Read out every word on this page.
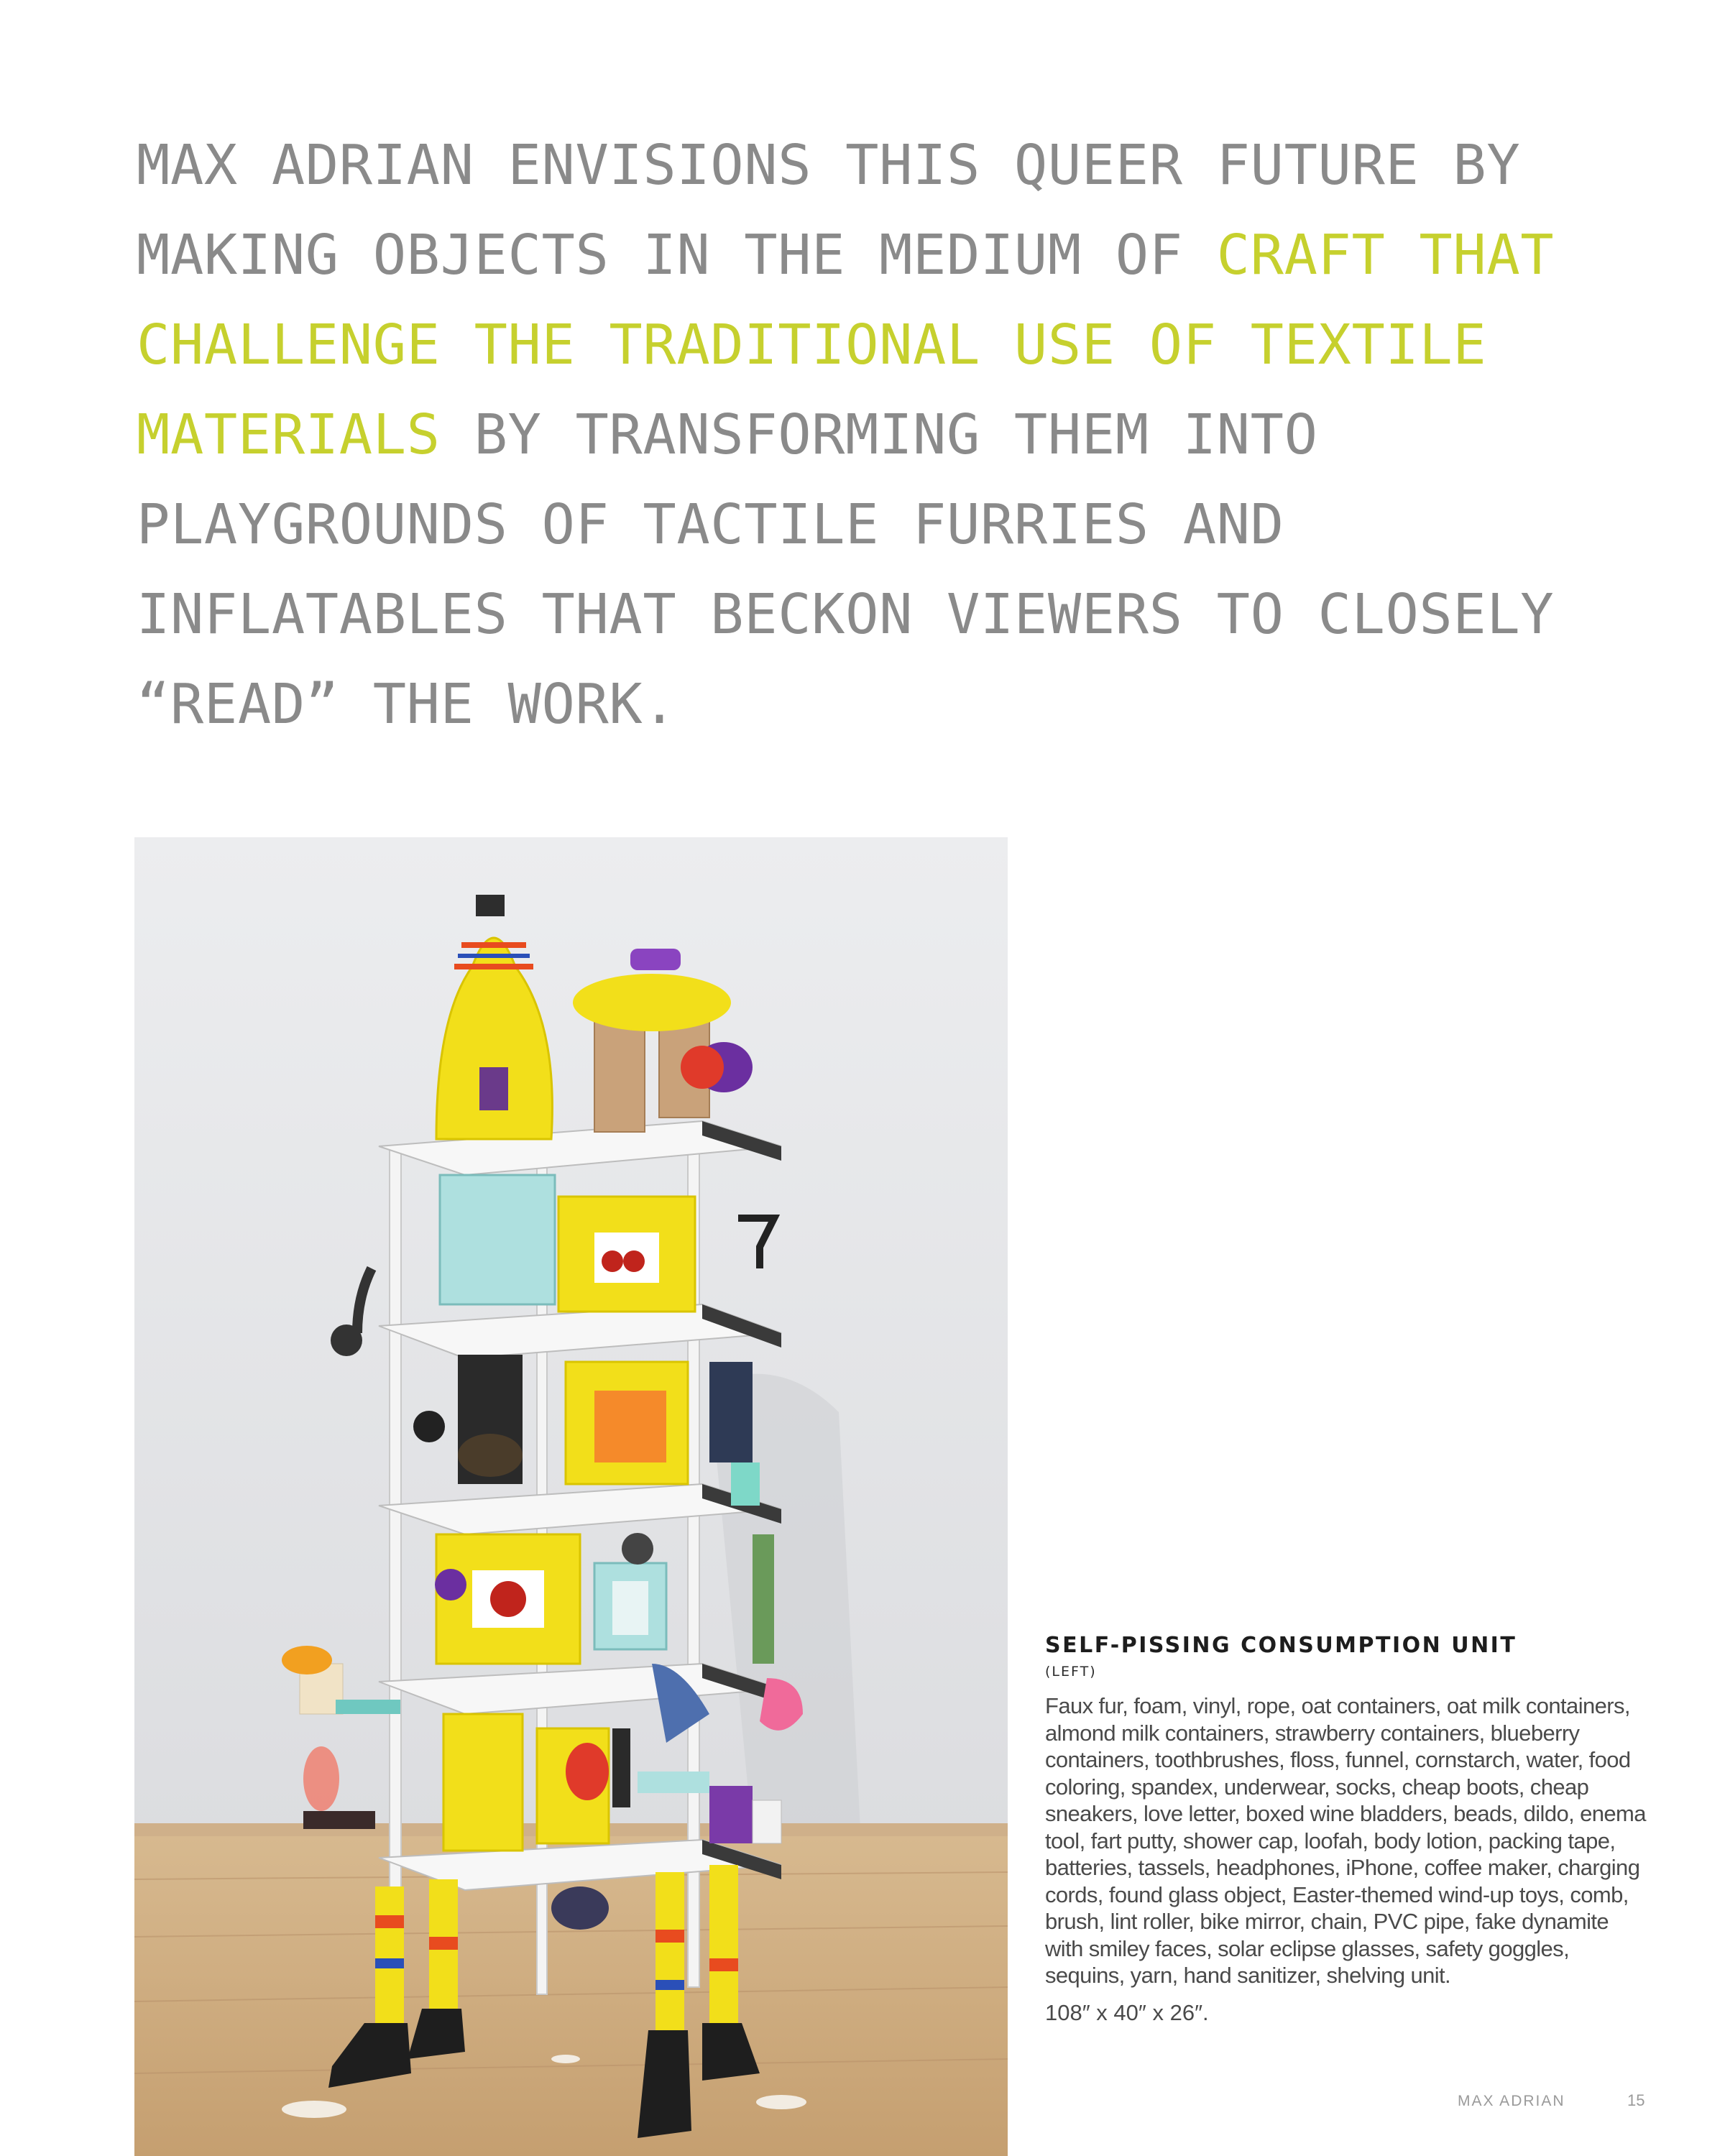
MAX ADRIAN ENVISIONS THIS QUEER FUTURE BY MAKING OBJECTS IN THE MEDIUM OF CRAFT THAT CHALLENGE THE TRADITIONAL USE OF TEXTILE MATERIALS BY TRANSFORMING THEM INTO PLAYGROUNDS OF TACTILE FURRIES AND INFLATABLES THAT BECKON VIEWERS TO CLOSELY “READ” THE WORK.

SELF-PISSING CONSUMPTION UNIT

(LEFT)

Faux fur, foam, vinyl, rope, oat containers, oat milk containers, almond milk containers, strawberry containers, blueberry containers, toothbrushes, floss, funnel, cornstarch, water, food coloring, spandex, underwear, socks, cheap boots, cheap sneakers, love letter, boxed wine bladders, beads, dildo, enema tool, fart putty, shower cap, loofah, body lotion, packing tape, batteries, tassels, headphones, iPhone, coffee maker, charging cords, found glass object, Easter-themed wind-up toys, comb, brush, lint roller, bike mirror, chain, PVC pipe, fake dynamite with smiley faces, solar eclipse glasses, safety goggles, sequins, yarn, hand sanitizer, shelving unit.

108″ x 40″ x 26″.

MAX ADRIAN	15
